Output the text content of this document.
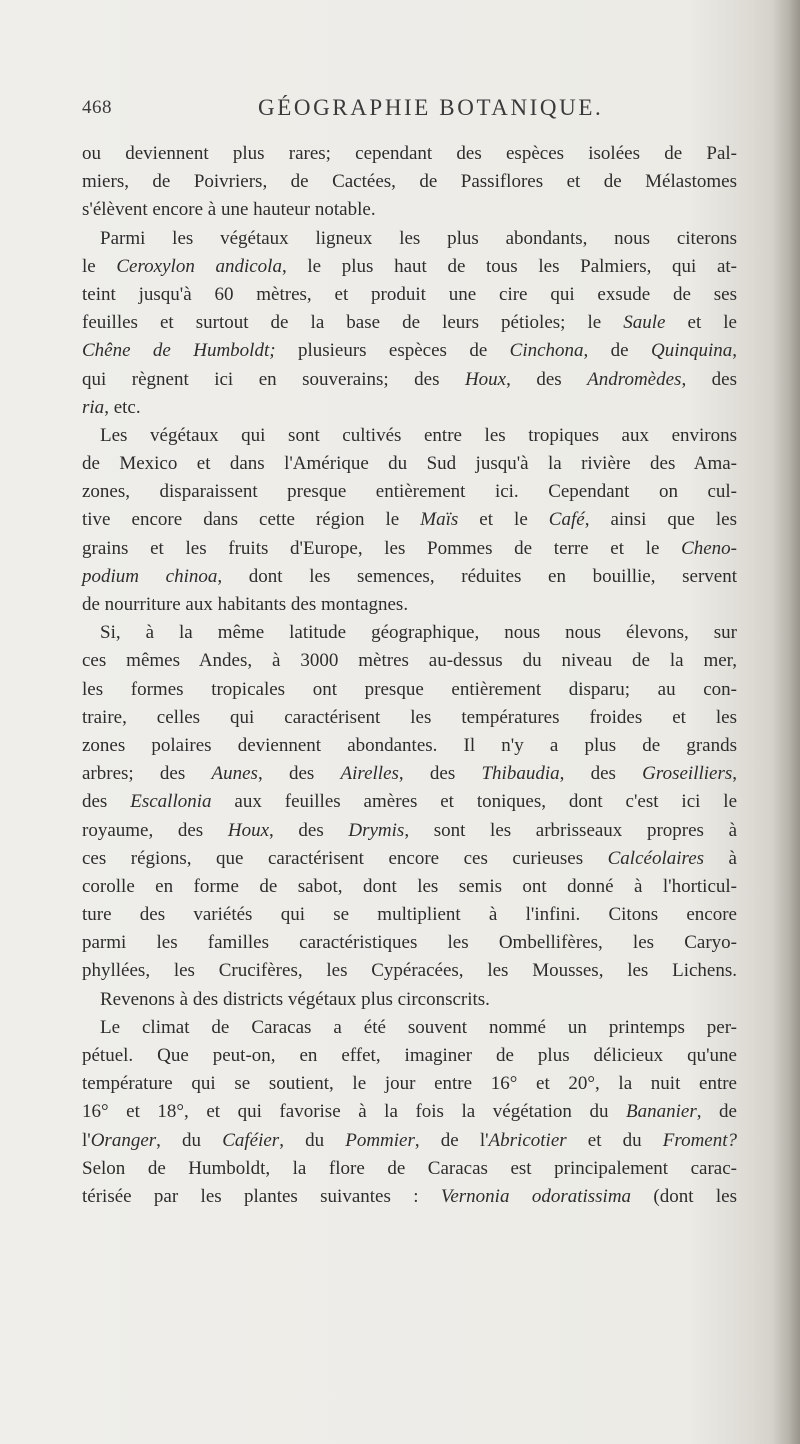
468	GÉOGRAPHIE BOTANIQUE.
ou deviennent plus rares; cependant des espèces isolées de Pal-
miers, de Poivriers, de Cactées, de Passiflores et de Mélastomes
s'élèvent encore à une hauteur notable.
Parmi les végétaux ligneux les plus abondants, nous citerons
le Ceroxylon andicola, le plus haut de tous les Palmiers, qui at-
teint jusqu'à 60 mètres, et produit une cire qui exsude de ses
feuilles et surtout de la base de leurs pétioles; le Saule et le
Chêne de Humboldt; plusieurs espèces de Cinchona, de Quinquina,
qui règnent ici en souverains; des Houx, des Andromèdes, des
ria, etc.
Les végétaux qui sont cultivés entre les tropiques aux environs
de Mexico et dans l'Amérique du Sud jusqu'à la rivière des Ama-
zones, disparaissent presque entièrement ici. Cependant on cul-
tive encore dans cette région le Maïs et le Café, ainsi que les
grains et les fruits d'Europe, les Pommes de terre et le Cheno-
podium chinoa, dont les semences, réduites en bouillie, servent
de nourriture aux habitants des montagnes.
Si, à la même latitude géographique, nous nous élevons, sur
ces mêmes Andes, à 3000 mètres au-dessus du niveau de la mer,
les formes tropicales ont presque entièrement disparu; au con-
traire, celles qui caractérisent les températures froides et les
zones polaires deviennent abondantes. Il n'y a plus de grands
arbres; des Aunes, des Airelles, des Thibaudia, des Groseilliers,
des Escallonia aux feuilles amères et toniques, dont c'est ici le
royaume, des Houx, des Drymis, sont les arbrisseaux propres à
ces régions, que caractérisent encore ces curieuses Calcéolaires à
corolle en forme de sabot, dont les semis ont donné à l'horticul-
ture des variétés qui se multiplient à l'infini. Citons encore
parmi les familles caractéristiques les Ombellifères, les Caryo-
phyllées, les Crucifères, les Cypéracées, les Mousses, les Lichens.
Revenons à des districts végétaux plus circonscrits.
Le climat de Caracas a été souvent nommé un printemps per-
pétuel. Que peut-on, en effet, imaginer de plus délicieux qu'une
température qui se soutient, le jour entre 16° et 20°, la nuit entre
16° et 18°, et qui favorise à la fois la végétation du Bananier, de
l'Oranger, du Caféier, du Pommier, de l'Abricotier et du Froment?
Selon de Humboldt, la flore de Caracas est principalement carac-
térisée par les plantes suivantes : Vernonia odoratissima (dont les
